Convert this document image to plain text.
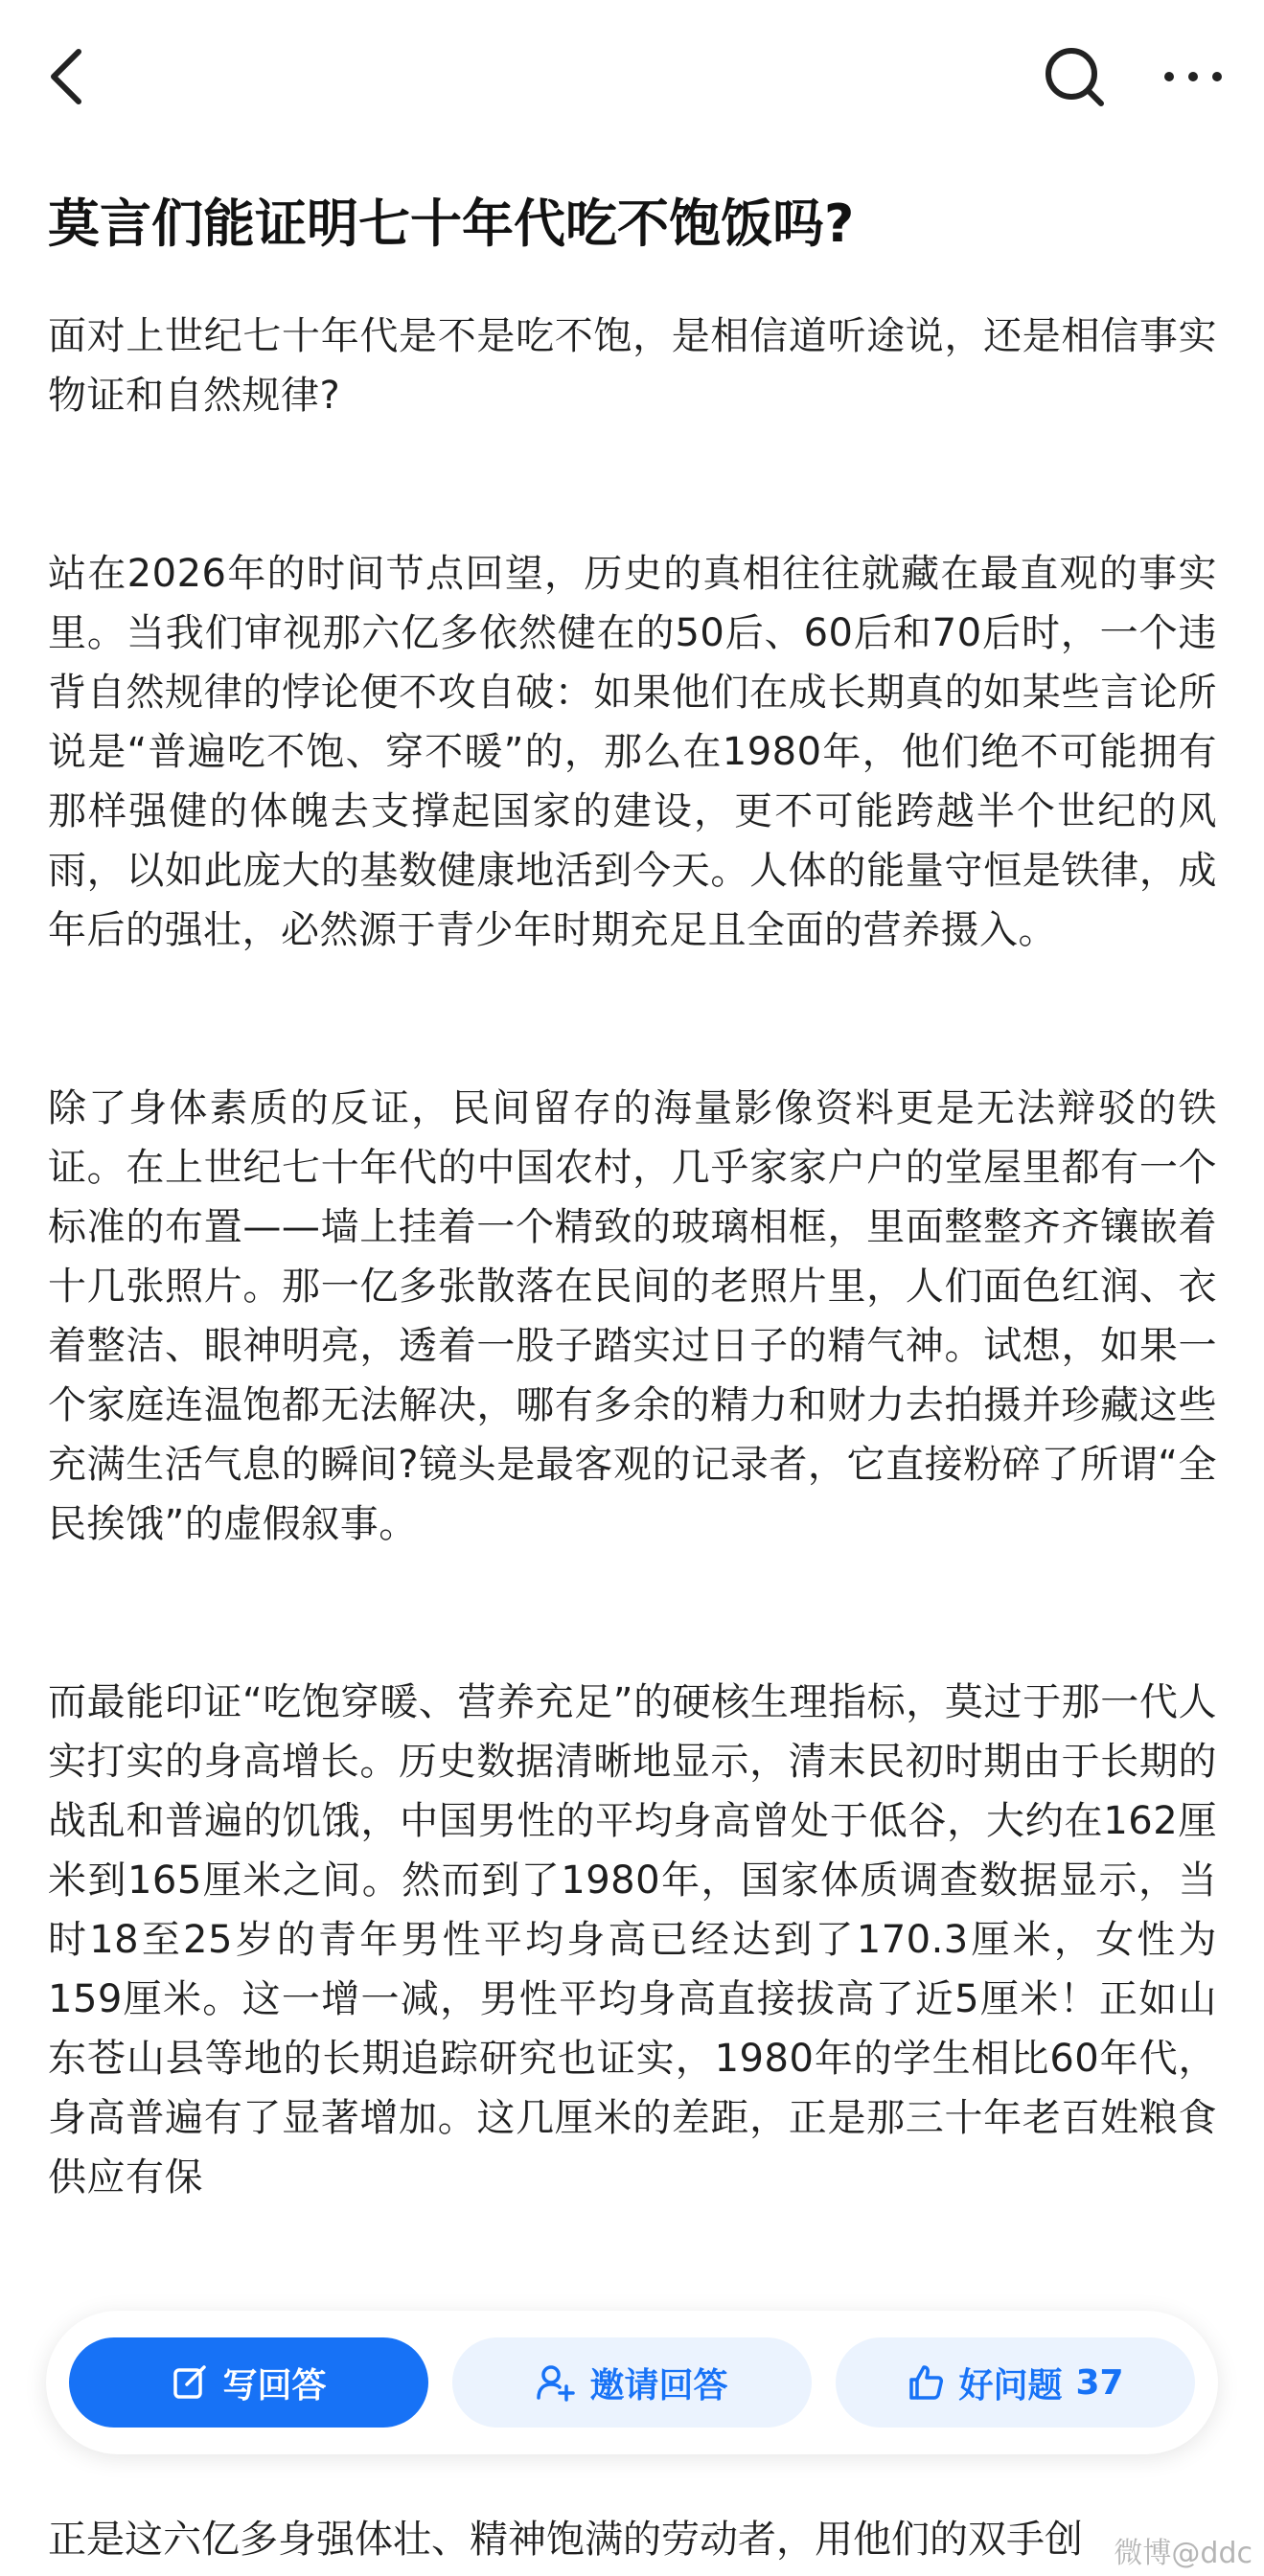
莫言们能证明七十年代吃不饱饭吗?

面对上世纪七十年代是不是吃不饱，是相信道听途说，还是相信事实物证和自然规律?

站在2026年的时间节点回望，历史的真相往往就藏在最直观的事实里。当我们审视那六亿多依然健在的50后、60后和70后时，一个违背自然规律的悖论便不攻自破：如果他们在成长期真的如某些言论所说是“普遍吃不饱、穿不暖”的，那么在1980年，他们绝不可能拥有那样强健的体魄去支撑起国家的建设，更不可能跨越半个世纪的风雨，以如此庞大的基数健康地活到今天。人体的能量守恒是铁律，成年后的强壮，必然源于青少年时期充足且全面的营养摄入。

除了身体素质的反证，民间留存的海量影像资料更是无法辩驳的铁证。在上世纪七十年代的中国农村，几乎家家户户的堂屋里都有一个标准的布置——墙上挂着一个精致的玻璃相框，里面整整齐齐镶嵌着十几张照片。那一亿多张散落在民间的老照片里，人们面色红润、衣着整洁、眼神明亮，透着一股子踏实过日子的精气神。试想，如果一个家庭连温饱都无法解决，哪有多余的精力和财力去拍摄并珍藏这些充满生活气息的瞬间?镜头是最客观的记录者，它直接粉碎了所谓“全民挨饿”的虚假叙事。

而最能印证“吃饱穿暖、营养充足”的硬核生理指标，莫过于那一代人实打实的身高增长。历史数据清晰地显示，清末民初时期由于长期的战乱和普遍的饥饿，中国男性的平均身高曾处于低谷，大约在162厘米到165厘米之间。然而到了1980年，国家体质调查数据显示，当时18至25岁的青年男性平均身高已经达到了170.3厘米，女性为159厘米。这一增一减，男性平均身高直接拔高了近5厘米！正如山东苍山县等地的长期追踪研究也证实，1980年的学生相比60年代，身高普遍有了显著增加。这几厘米的差距，正是那三十年老百姓粮食供应有保

写回答	邀请回答	好问题 37

正是这六亿多身强体壮、精神饱满的劳动者，用他们的双手创	微博@ddc
